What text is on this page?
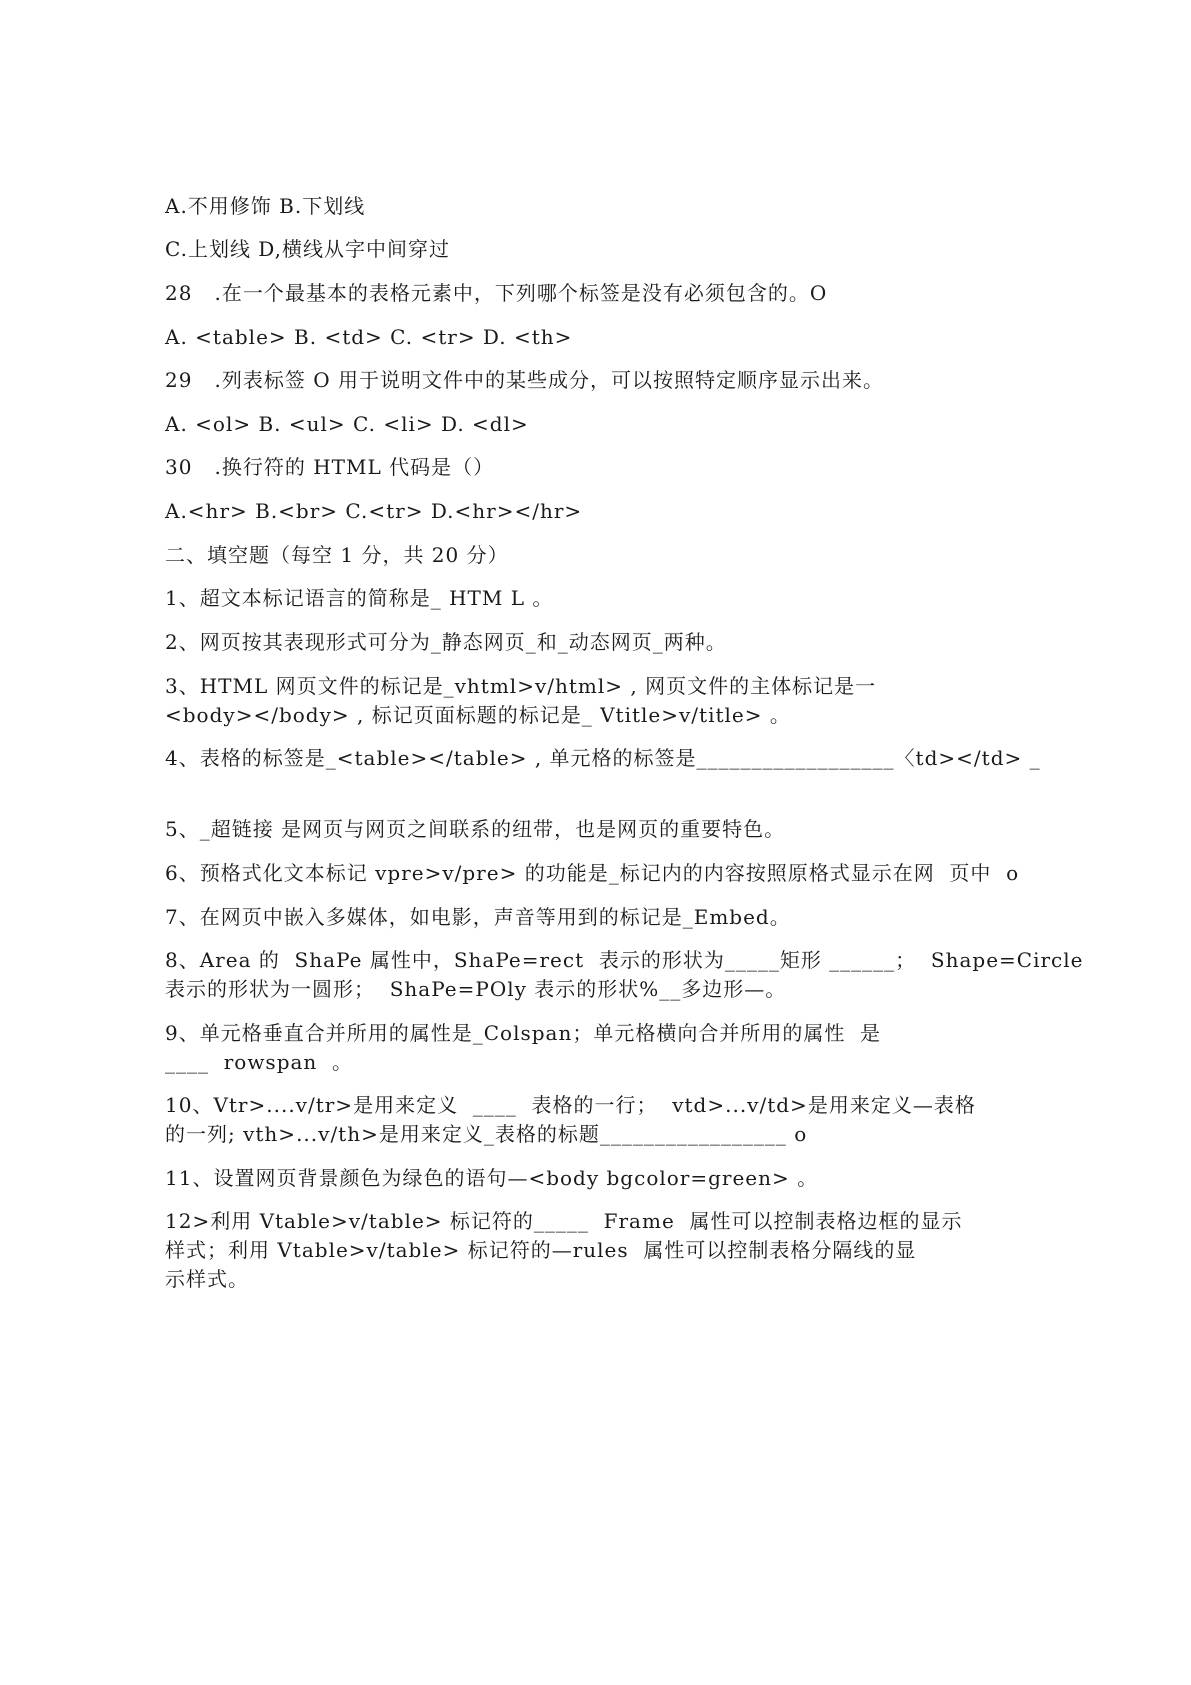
A.不用修饰 B.下划线

C.上划线 D,横线从字中间穿过

28   .在一个最基本的表格元素中，下列哪个标签是没有必须包含的。O

A. <table> B. <td> C. <tr> D. <th>

29   .列表标签 O 用于说明文件中的某些成分，可以按照特定顺序显示出来。

A. <ol> B. <ul> C. <li> D. <dl>

30   .换行符的 HTML 代码是（）

A.<hr> B.<br> C.<tr> D.<hr></hr>

二、填空题（每空 1 分，共 20 分）

1、超文本标记语言的简称是_ HTM L 。

2、网页按其表现形式可分为_静态网页_和_动态网页_两种。

3、HTML 网页文件的标记是_vhtml>v/html> , 网页文件的主体标记是一

<body></body> , 标记页面标题的标记是_ Vtitle>v/title> 。

4、表格的标签是_<table></table> , 单元格的标签是__________________〈td></td> _

5、_超链接 是网页与网页之间联系的纽带，也是网页的重要特色。

6、预格式化文本标记 vpre>v/pre> 的功能是_标记内的内容按照原格式显示在网  页中  o

7、在网页中嵌入多媒体，如电影，声音等用到的标记是_Embed。

8、Area 的  ShaPe 属性中，ShaPe=rect  表示的形状为_____矩形 ______；  Shape=Circle

表示的形状为一圆形；  ShaPe=POly 表示的形状%__多边形—。

9、单元格垂直合并所用的属性是_Colspan；单元格横向合并所用的属性  是

____  rowspan  。

10、Vtr>....v/tr>是用来定义  ____  表格的一行；  vtd>...v/td>是用来定义—表格

的一列; vth>...v/th>是用来定义_表格的标题_________________ o

11、设置网页背景颜色为绿色的语句—<body bgcolor=green> 。

12>利用 Vtable>v/table> 标记符的_____  Frame  属性可以控制表格边框的显示

样式；利用 Vtable>v/table> 标记符的—rules  属性可以控制表格分隔线的显

示样式。
